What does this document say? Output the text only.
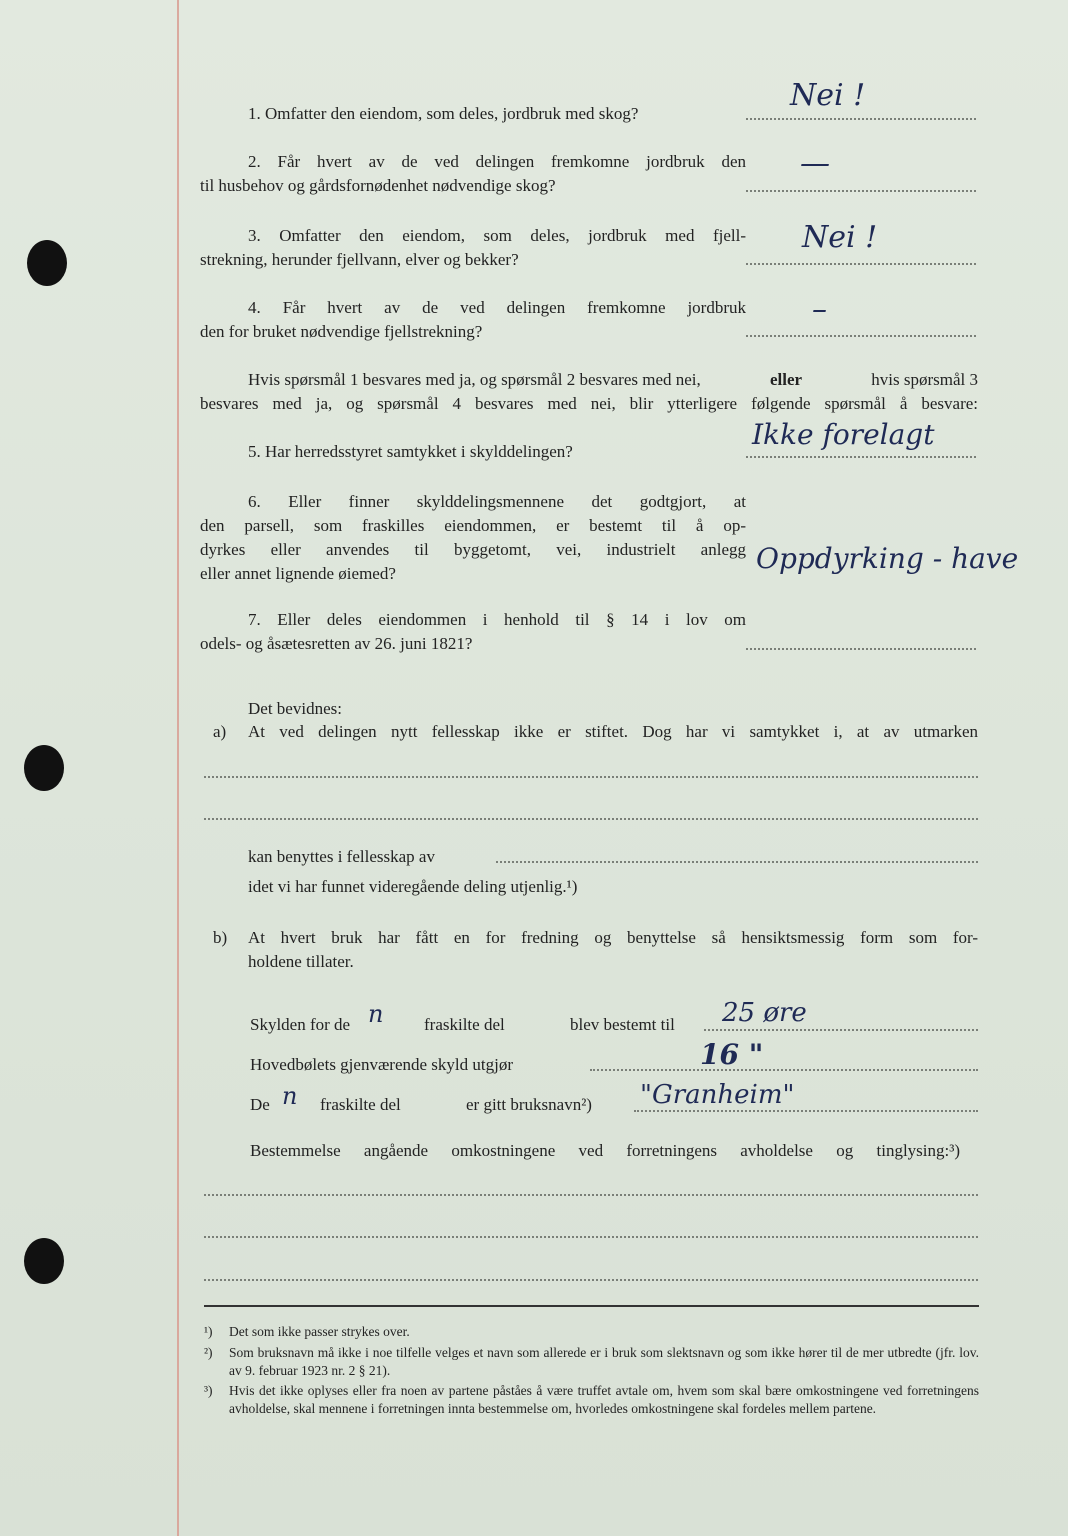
1. Omfatter den eiendom, som deles, jordbruk med skog?
Nei !
2. Får hvert av de ved delingen fremkomne jordbruk den
til husbehov og gårdsfornødenhet nødvendige skog?
—
3. Omfatter den eiendom, som deles, jordbruk med fjell-
strekning, herunder fjellvann, elver og bekker?
Nei !
4. Får hvert av de ved delingen fremkomne jordbruk
den for bruket nødvendige fjellstrekning?
–
Hvis spørsmål 1 besvares med ja, og spørsmål 2 besvares med nei,	eller	hvis spørsmål 3
besvares med ja, og spørsmål 4 besvares med nei, blir ytterligere følgende spørsmål å besvare:
5. Har herredsstyret samtykket i skylddelingen?
Ikke forelagt
6. Eller finner skylddelingsmennene det godtgjort, at
den parsell, som fraskilles eiendommen, er bestemt til å op-
dyrkes eller anvendes til byggetomt, vei, industrielt anlegg
eller annet lignende øiemed?	Oppdyrking - have
7. Eller deles eiendommen i henhold til § 14 i lov om
odels- og åsætesretten av 26. juni 1821?
Det bevidnes:
a) At ved delingen nytt fellesskap ikke er stiftet. Dog har vi samtykket i, at av utmarken
kan benyttes i fellesskap av
idet vi har funnet videregående deling utjenlig.¹)
b) At hvert bruk har fått en for fredning og benyttelse så hensiktsmessig form som for-
holdene tillater.
Skylden for de n fraskilte del	blev bestemt til 25 øre
Hovedbølets gjenværende skyld utgjør	16 "
De n fraskilte del	er gitt bruksnavn²) "Granheim"
Bestemmelse angående omkostningene ved forretningens avholdelse og tinglysing:³)
¹) Det som ikke passer strykes over.
²) Som bruksnavn må ikke i noe tilfelle velges et navn som allerede er i bruk som slektsnavn og som ikke hører til de mer utbredte (jfr. lov. av 9. februar 1923 nr. 2 § 21).
³) Hvis det ikke oplyses eller fra noen av partene påståes å være truffet avtale om, hvem som skal bære omkostningene ved forretningens avholdelse, skal mennene i forretningen innta bestemmelse om, hvorledes omkostningene skal fordeles mellem partene.
